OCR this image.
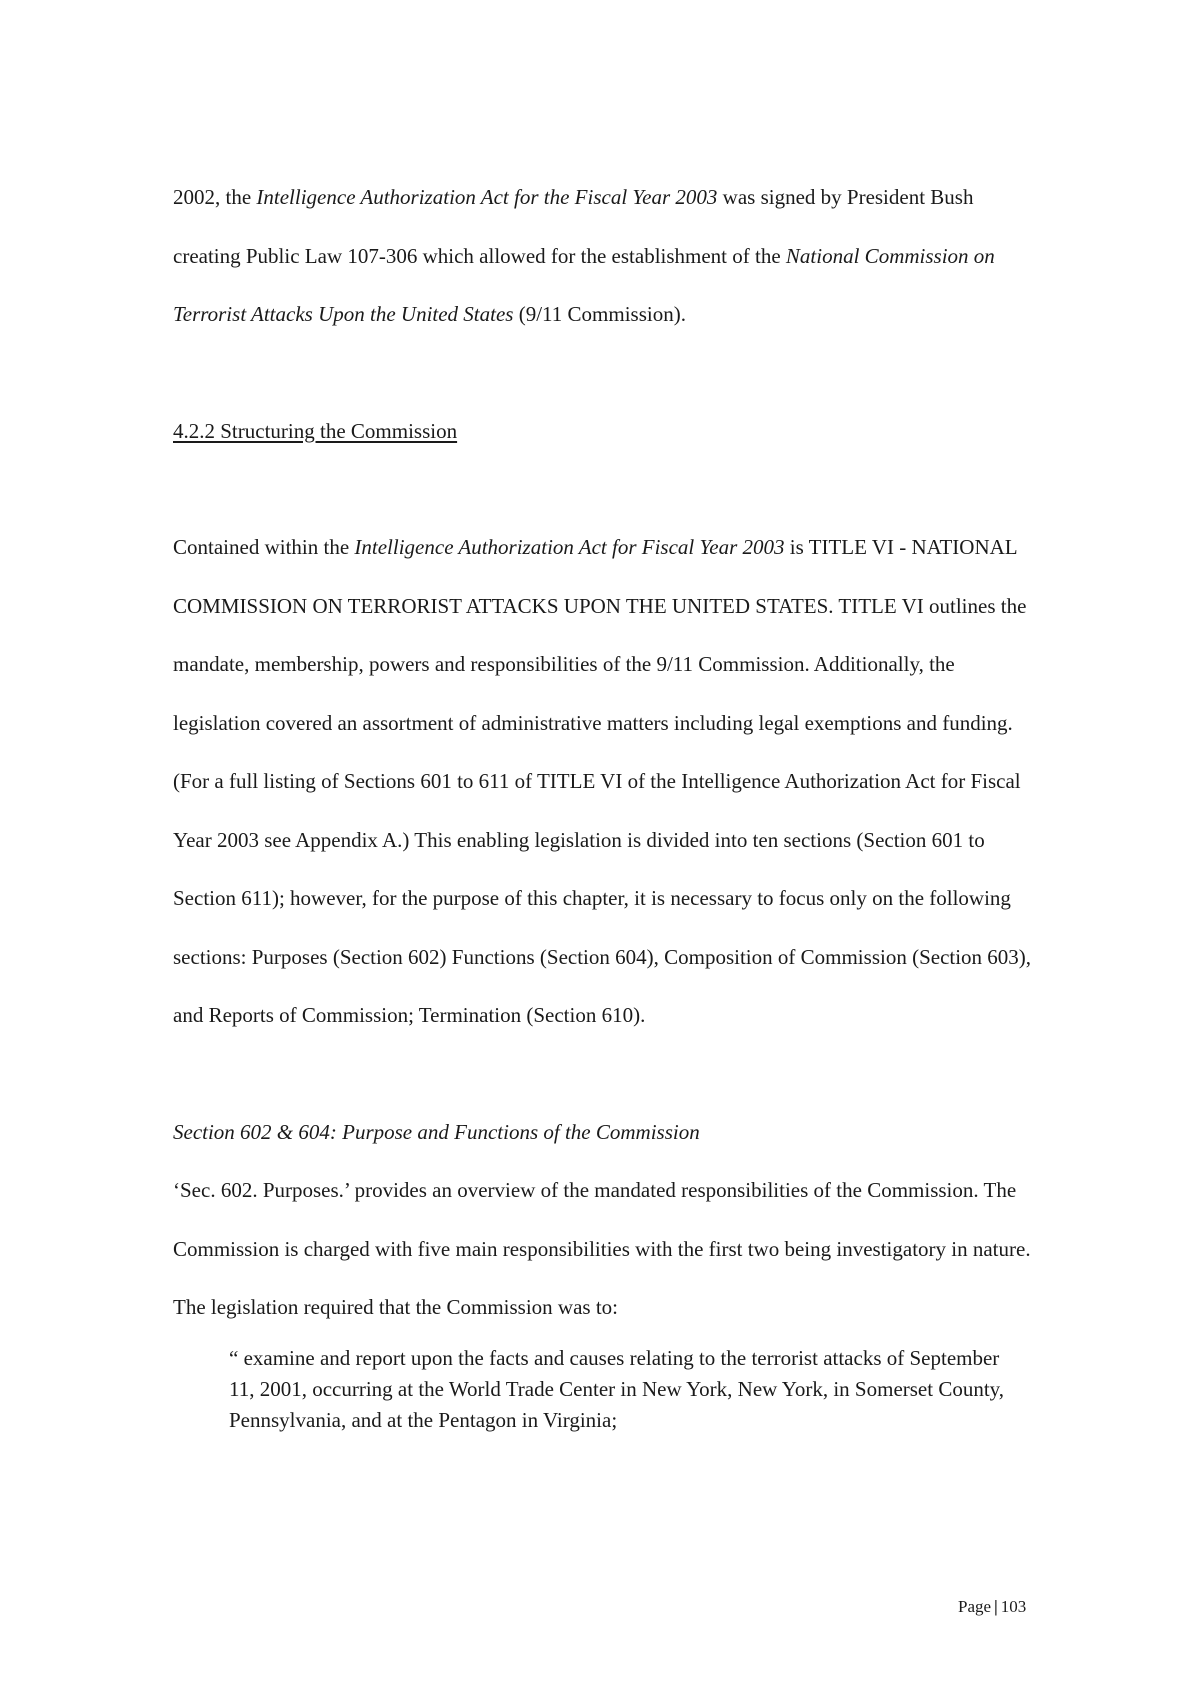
2002, the Intelligence Authorization Act for the Fiscal Year 2003 was signed by President Bush creating Public Law 107-306 which allowed for the establishment of the National Commission on Terrorist Attacks Upon the United States (9/11 Commission).

4.2.2 Structuring the Commission

Contained within the Intelligence Authorization Act for Fiscal Year 2003 is TITLE VI - NATIONAL COMMISSION ON TERRORIST ATTACKS UPON THE UNITED STATES. TITLE VI outlines the mandate, membership, powers and responsibilities of the 9/11 Commission. Additionally, the legislation covered an assortment of administrative matters including legal exemptions and funding. (For a full listing of Sections 601 to 611 of TITLE VI of the Intelligence Authorization Act for Fiscal Year 2003 see Appendix A.) This enabling legislation is divided into ten sections (Section 601 to Section 611); however, for the purpose of this chapter, it is necessary to focus only on the following sections: Purposes (Section 602) Functions (Section 604), Composition of Commission (Section 603), and Reports of Commission; Termination (Section 610).

Section 602 & 604: Purpose and Functions of the Commission

‘Sec. 602. Purposes.’ provides an overview of the mandated responsibilities of the Commission. The Commission is charged with five main responsibilities with the first two being investigatory in nature. The legislation required that the Commission was to:

“ examine and report upon the facts and causes relating to the terrorist attacks of September 11, 2001, occurring at the World Trade Center in New York, New York, in Somerset County, Pennsylvania, and at the Pentagon in Virginia;
Page | 103
